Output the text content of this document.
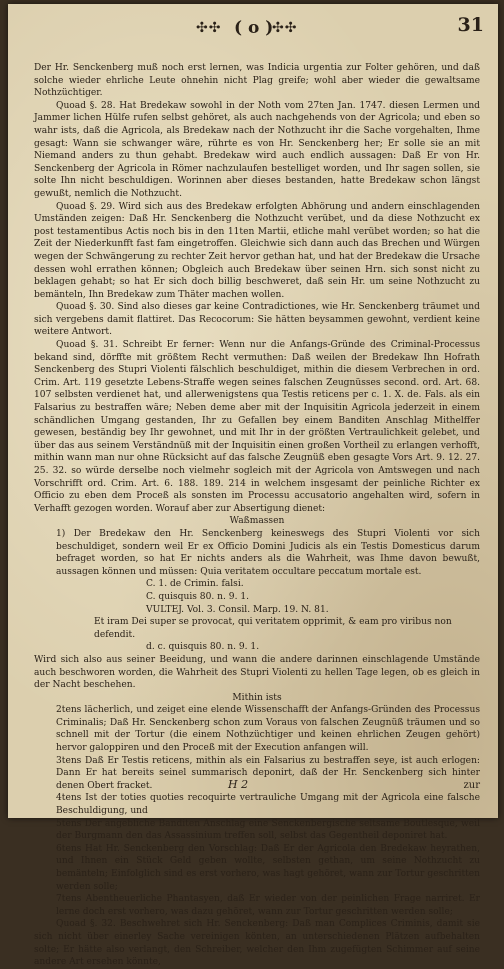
✣✣ ( o )
✣✣	31

Der Hr. Senckenberg muß noch erst lernen, was Indicia urgentia zur Folter gehören, und daß solche wieder ehrliche Leute ohnehin nicht Plag greife; wohl aber wieder die gewaltsame Nothzüchtiger.

Quoad §. 28. Hat Bredekaw sowohl in der Noth vom 27ten Jan. 1747. diesen Lermen und Jammer lichen Hülfe rufen selbst gehöret, als auch nachgehends von der Agricola; und eben so wahr ists, daß die Agricola, als Bredekaw nach der Nothzucht ihr die Sache vorgehalten, Ihme gesagt: Wann sie schwanger wäre, rührte es von Hr. Senckenberg her; Er solle sie an mit Niemand anders zu thun gehabt. Bredekaw wird auch endlich aussagen: Daß Er von Hr. Senckenberg der Agricola in Römer nachzulaufen bestelliget worden, und Ihr sagen sollen, sie solte Ihn nicht beschuldigen. Worinnen aber dieses bestanden, hatte Bredekaw schon längst gewußt, nemlich die Nothzucht.

Quoad §. 29. Wird sich aus des Bredekaw erfolgten Abhörung und andern einschlagenden Umständen zeigen: Daß Hr. Senckenberg die Nothzucht verübet, und da diese Nothzucht ex post testamentibus Actis noch bis in den 11ten Martii, etliche mahl verübet worden; so hat die Zeit der Niederkunfft fast fam eingetroffen. Gleichwie sich dann auch das Brechen und Würgen wegen der Schwängerung zu rechter Zeit hervor gethan hat, und hat der Bredekaw die Ursache dessen wohl errathen können; Obgleich auch Bredekaw über seinen Hrn. sich sonst nicht zu beklagen gehabt; so hat Er sich doch billig beschweret, daß sein Hr. um seine Nothzucht zu bemänteln, Ihn Bredekaw zum Thäter machen wollen.

Quoad §. 30. Sind also dieses gar keine Contradictiones, wie Hr. Senckenberg träumet und sich vergebens damit flattiret. Das Recocorum: Sie hätten beysammen gewohnt, verdient keine weitere Antwort.

Quoad §. 31. Schreibt Er ferner: Wenn nur die Anfangs-Gründe des Criminal-Processus bekand sind, dörffte mit größtem Recht vermuthen: Daß weilen der Bredekaw Ihn Hofrath Senckenberg des Stupri Violenti fälschlich beschuldiget, mithin die diesem Verbrechen in ord. Crim. Art. 119 gesetzte Lebens-Straffe wegen seines falschen Zeugnüsses second. ord. Art. 68. 107 selbsten verdienet hat, und allerwenigstens qua Testis reticens per c. 1. X. de. Fals. als ein Falsarius zu bestraffen wäre; Neben deme aber mit der Inquisitin Agricola jederzeit in einem schändlichen Umgang gestanden, Ihr zu Gefallen bey einem Banditen Anschlag Mithelffer gewesen, beständig bey Ihr gewohnet, und mit Ihr in der größten Vertraulichkeit gelebet, und über das aus seinem Verständnüß mit der Inquisitin einen großen Vortheil zu erlangen verhofft, mithin wann man nur ohne Rücksicht auf das falsche Zeugnüß eben gesagte Vors Art. 9. 12. 27. 25. 32. so würde derselbe noch vielmehr sogleich mit der Agricola von Amtswegen und nach Vorschrifft ord. Crim. Art. 6. 188. 189. 214 in welchem insgesamt der peinliche Richter ex Officio zu eben dem Proceß als sonsten im Processu accusatorio angehalten wird, sofern in Verhafft gezogen worden. Worauf aber zur Absertigung dienet:

Waßmassen

1) Der Bredekaw den Hr. Senckenberg keineswegs des Stupri Violenti vor sich beschuldiget, sondern weil Er ex Officio Domini Judicis als ein Testis Domesticus darum befraget worden, so hat Er nichts anders als die Wahrheit, was Ihme davon bewußt, aussagen können und müssen: Quia veritatem occultare peccatum mortale est.

C. 1. de Crimin. falsi.

C. quisquis 80. n. 9. 1.

VULTEJ. Vol. 3. Consil. Marp. 19. N. 81.

Et iram Dei super se provocat, qui veritatem opprimit, & eam pro viribus non defendit.

d. c. quisquis 80. n. 9. 1.

Wird sich also aus seiner Beeidung, und wann die andere darinnen einschlagende Umstände auch beschworen worden, die Wahrheit des Stupri Violenti zu hellen Tage legen, ob es gleich in der Nacht beschehen.

Mithin ists

2tens lächerlich, und zeiget eine elende Wissenschafft der Anfangs-Gründen des Processus Criminalis; Daß Hr. Senckenberg schon zum Voraus von falschen Zeugnüß träumen und so schnell mit der Tortur (die einem Nothzüchtiger und keinen ehrlichen Zeugen gehört) hervor galoppiren und den Proceß mit der Execution anfangen will.

3tens Daß Er Testis reticens, mithin als ein Falsarius zu bestraffen seye, ist auch erlogen: Dann Er hat bereits seinel summarisch deponirt, daß der Hr. Senckenberg sich hinter denen Obert fracket.

4tens Ist der toties quoties recoquirte vertrauliche Umgang mit der Agricola eine falsche Beschuldigung, und

5tens Der angebliche Banditen Anschlag eine Senckenbergische seltsame Boutlesque, weil der Burgmann den das Assassinium treffen soll, selbst das Gegentheil deponiret hat.

6tens Hat Hr. Senckenberg den Vorschlag: Daß Er der Agricola den Bredekaw heyrathen, und Ihnen ein Stück Geld geben wollte, selbsten gethan, um seine Nothzucht zu bemänteln; Einfolglich sind es erst vorhero, was hagt gehöret, wann zur Tortur geschritten werden solle;

7tens Abentheuerliche Phantasyen, daß Er wieder von der peinlichen Frage narriret. Er lerne doch erst vorhero, was dazu gehöret, wann zur Tortur geschritten werden solle;

Quoad §. 32. Beschwehret sich Hr. Senckenberg: Daß man Complices Criminis, damit sie sich nicht über einerley Sache vereinigen könten, an unterschiedenen Plätzen aufbehalten solte; Er hätte also verlangt, den Schreiber, welcher den Ihm zugefügten Schimmer auf seine andere Art ersehen könnte,

H 2	zur
